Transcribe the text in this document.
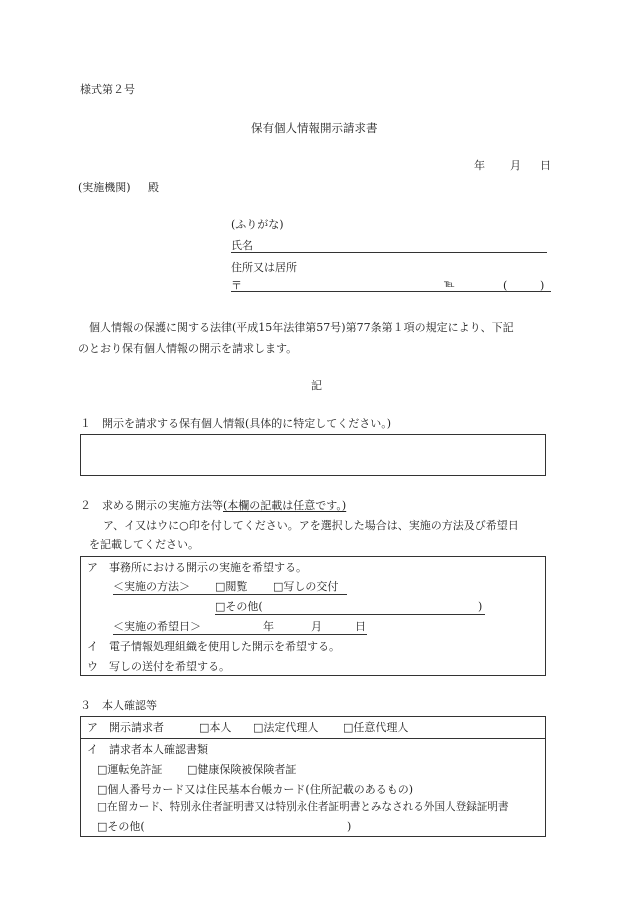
様式第２号
保有個人情報開示請求書
年 月 日
(実施機関) 殿
(ふりがな)
氏名
住所又は居所
〒	℡	(	)
　個人情報の保護に関する法律(平成15年法律第57号)第77条第１項の規定により、下記
のとおり保有個人情報の開示を請求します。
記
１　開示を請求する保有個人情報(具体的に特定してください。)
２　求める開示の実施方法等(本欄の記載は任意です。)
ア、イ又はウに○印を付してください。アを選択した場合は、実施の方法及び希望日
を記載してください。
ア　事務所における開示の実施を希望する。
＜実施の方法＞	□ 閲覧	□ 写しの交付
□ その他(	)
＜実施の希望日＞	年	月	日
イ　電子情報処理組織を使用した開示を希望する。
ウ　写しの送付を希望する。
３　本人確認等
ア　開示請求者	□ 本人	□ 法定代理人	□ 任意代理人
イ　請求者本人確認書類
□ 運転免許証	□ 健康保険被保険者証
□ 個人番号カード又は住民基本台帳カード(住所記載のあるもの)
□ 在留カード、特別永住者証明書又は特別永住者証明書とみなされる外国人登録証明書
□ その他(	)
